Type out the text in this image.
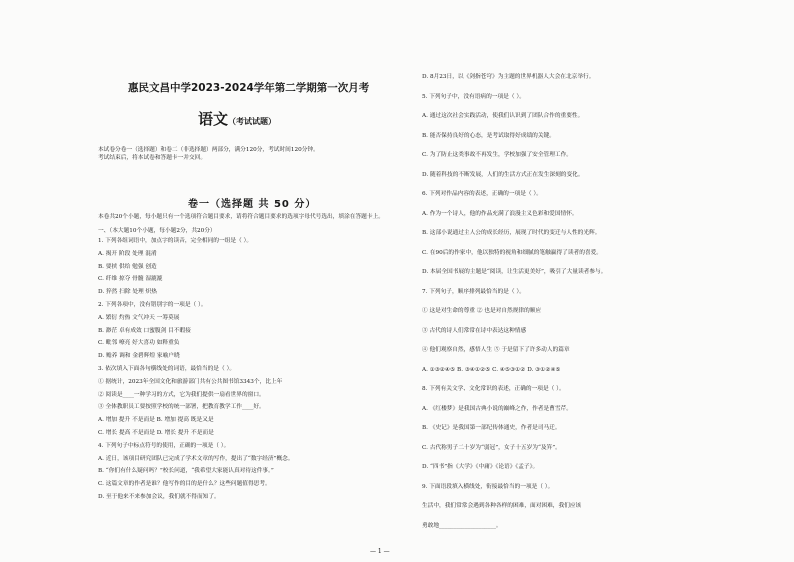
惠民文昌中学2023-2024学年第二学期第一次月考
语文（考试试题）
本试卷分卷一（选择题）和卷二（非选择题）两部分，满分120分，考试时间120分钟。
考试结束后，将本试卷和答题卡一并交回。
卷一（选择题 共 50 分）
本卷共20个小题，每小题只有一个选项符合题目要求，请将符合题目要求的选项字母代号选出，填涂在答题卡上。
一、（本大题10个小题，每小题2分，共20分）
1. 下列各组词语中，加点字的读音，完全相同的一组是（ ）。
A. 揭开 阶段 处理 混淆
B. 要挟 供给 勉强 创造
C. 纤维 掠夺 骨髓 湿漉漉
D. 猝然 扫除 处理 炽热
2. 下列各项中，没有错别字的一项是（ ）。
A. 繁衍 灼热 文气冲天 一筹莫展
B. 渺茫 卓有成效 口蜜腹剑 目不暇接
C. 毗邻 嘹亮 好大喜功 如释重负
D. 赡养 调和 金碧辉煌 家喻户晓
3. 依次填入下面各句横线处的词语，最恰当的是（ ）。
① 据统计，2023年全国文化和旅游部门共有公共图书馆3343个，比上年
② 阅读是____一种学习的方式，它为我们提供一扇看世界的窗口。
③ 全体教职员工要按照学校的统一部署，把教育教学工作____好。
A. 增加 提升 不是而是 B. 增加 提高 既是又是
C. 增长 提高 不是而是 D. 增长 提升 不是而是
4. 下列句子中标点符号的使用，正确的一项是（ ）。
A. 近日，该项目研究团队已完成了学术文章的写作，提出了“数字经济”概念。
B. “你们有什么疑问吗？”校长问道，“我希望大家能认真对待这件事。”
C. 这篇文章的作者是谁？他写作的目的是什么？这些问题值得思考。
D. 至于他来不来参加会议，我们就不得而知了。
D. 8月23日，以《剑指苍穹》为主题的世界机器人大会在北京举行。
5. 下列句子中，没有语病的一项是（ ）。
A. 通过这次社会实践活动，使我们认识到了团队合作的重要性。
B. 能否保持良好的心态，是考试取得好成绩的关键。
C. 为了防止这类事故不再发生，学校加强了安全管理工作。
D. 随着科技的不断发展，人们的生活方式正在发生深刻的变化。
6. 下列对作品内容的表述，正确的一项是（ ）。
A. 作为一个诗人，他的作品充满了浪漫主义色彩和爱国情怀。
B. 这部小说通过主人公的成长经历，展现了时代的变迁与人性的光辉。
C. 在90后的作家中，他以独特的视角和细腻的笔触赢得了读者的喜爱。
D. 本届全国书展的主题是“阅读，让生活更美好”，吸引了大量读者参与。
7. 下列句子，顺序排列最恰当的是（ ）。
① 这是对生命的尊重 ② 也是对自然规律的顺应
③ 古代的诗人们常常在诗中表达这种情感
④ 他们观察自然，感悟人生 ⑤ 于是留下了许多动人的篇章
A. ①③②④⑤ B. ③④①②⑤ C. ④⑤③①② D. ③①②④⑤
8. 下列有关文学、文化常识的表述，正确的一项是（ ）。
A. 《红楼梦》是我国古典小说的巅峰之作，作者是曹雪芹。
B. 《史记》是我国第一部纪传体通史，作者是司马迁。
C. 古代称男子二十岁为“弱冠”，女子十五岁为“及笄”。
D. “四书”指《大学》《中庸》《论语》《孟子》。
9. 下面语段填入横线处，衔接最恰当的一项是（ ）。
生活中，我们常常会遇到各种各样的困难，面对困难，我们应该
勇敢地____________________。
— 1 —
